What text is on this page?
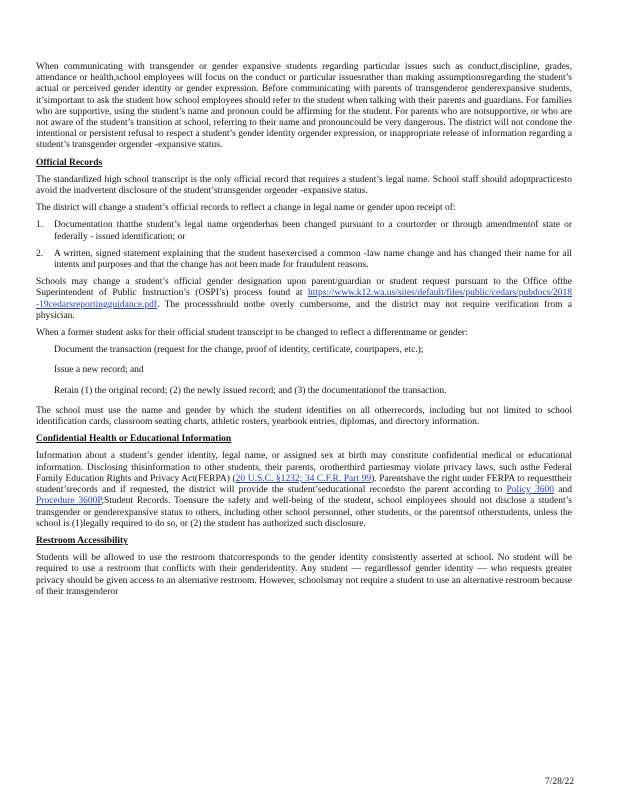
When communicating with transgender or gender expansive students regarding particular issues such as conduct,discipline, grades, attendance or health,school employees will focus on the conduct or particular issuesrather than making assumptionsregarding the student’s actual or perceived gender identity or gender expression. Before communicating with parents of transgenderor genderexpansive students, it’simportant to ask the student how school employees should refer to the student when talking with their parents and guardians. For families who are supportive, using the student’s name and pronoun could be affirming for the student. For parents who are notsupportive, or who are not aware of the student’s transition at school, referring to their name and pronouncould be very dangerous. The district will not condone the intentional or persistent refusal to respect a student’s gender identity orgender expression, or inappropriate release of information regarding a student’s transgender orgender -expansive status.

Official Records

The standardized high school transcript is the only official record that requires a student’s legal name. School staff should adoptpracticesto avoid the inadvertent disclosure of the student’stransgender orgender -expansive status.

The district will change a student’s official records to reflect a change in legal name or gender upon receipt of:

1. Documentation thatthe student’s legal name orgenderhas been changed pursuant to a courtorder or through amendmentof state or federally - issued identification; or
2. A written, signed statement explaining that the student hasexercised a common -law name change and has changed their name for all intents and purposes and that the change has not been made for fraudulent reasons.

Schools may change a student’s official gender designation upon parent/guardian or student request pursuant to the Office ofthe Superintendent of Public Instruction’s (OSPI’s) process found at https://www.k12.wa.us/sites/default/files/public/cedars/pubdocs/2018 -19cedarsreportingguidance.pdf. The processshould notbe overly cumbersome, and the district may not require verification from a physician.

When a former student asks for their official student transcript to be changed to reflect a differentname or gender:

Document the transaction (request for the change, proof of identity, certificate, courtpapers, etc.);
Issue a new record; and
Retain (1) the original record; (2) the newly issued record; and (3) the documentationof the transaction.

The school must use the name and gender by which the student identifies on all otherrecords, including but not limited to school identification cards, classroom seating charts, athletic rosters, yearbook entries, diplomas, and directory information.

Confidential Health or Educational Information

Information about a student’s gender identity, legal name, or assigned sex at birth may constitute confidential medical or educational information. Disclosing thisinformation to other students, their parents, orotherthird partiesmay violate privacy laws, such asthe Federal Family Education Rights and Privacy Act(FERPA) (20 U.S.C. §1232; 34 C.F.R. Part 99). Parentshave the right under FERPA to requesttheir student’srecords and if requested, the district will provide the student’seducational recordsto the parent according to Policy 3600 and Procedure 3600P,Student Records. Toensure the safety and well-being of the student, school employees should not disclose a student’s transgender or genderexpansive status to others, including other school personnel, other students, or the parentsof otherstudents, unless the school is (1)legally required to do so, or (2) the student has authorized such disclosure.

Restroom Accessibility

Students will be allowed to use the restroom thatcorresponds to the gender identity consistently asserted at school. No student will be required to use a restroom that conflicts with their genderidentity. Any student — regardlessof gender identity — who requests greater privacy should be given access to an alternative restroom. However, schoolsmay not require a student to use an alternative restroom because of their transgenderor

7/28/22
